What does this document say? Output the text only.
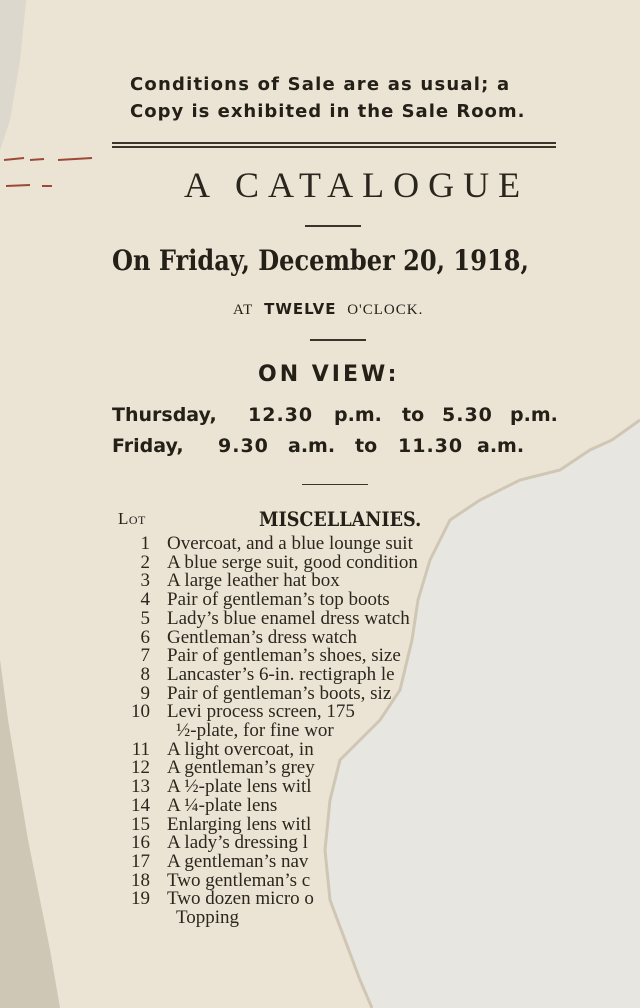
Conditions of Sale are as usual; a
Copy is exhibited in the Sale Room.
A CATALOGUE
On Friday, December 20, 1918,
AT TWELVE O'CLOCK.
ON VIEW:
Thursday, 12.30 p.m. to 5.30 p.m.
Friday, 9.30 a.m. to 11.30 a.m.
Lot	MISCELLANIES.
1 Overcoat, and a blue lounge suit
2 A blue serge suit, good condition
3 A large leather hat box
4 Pair of gentleman’s top boots
5 Lady’s blue enamel dress watch
6 Gentleman’s dress watch
7 Pair of gentleman’s shoes, size
8 Lancaster’s 6-in. rectigraph le
9 Pair of gentleman’s boots, siz
10 Levi process screen, 175
½-plate, for fine wor
11 A light overcoat, in
12 A gentleman’s grey
13 A ½-plate lens witl
14 A ¼-plate lens
15 Enlarging lens witl
16 A lady’s dressing l
17 A gentleman’s nav
18 Two gentleman’s c
19 Two dozen micro o
Topping
